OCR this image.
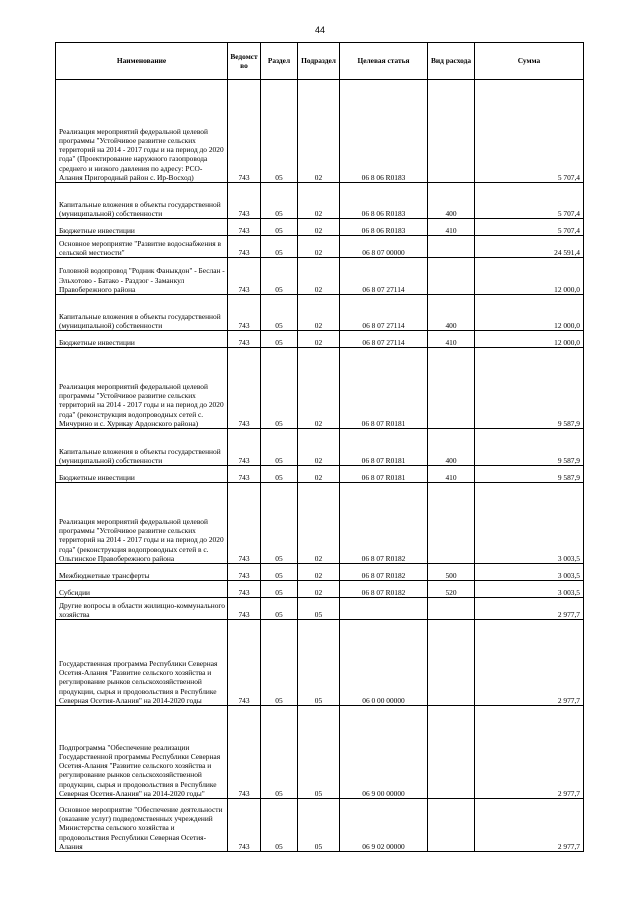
44
Наименование	Ведомст во	Раздел	Подраздел	Целевая статья	Вид расхода	Сумма
Реализация мероприятий федеральной целевой программы "Устойчивое развитие сельских территорий на 2014 - 2017 годы и на период до 2020 года" (Проектирование наружного газопровода среднего и низкого давления по адресу: РСО-Алания Пригородный район с. Ир-Восход)	743	05	02	06 8 06 R0183		5 707,4
Капитальные вложения в объекты государственной (муниципальной) собственности	743	05	02	06 8 06 R0183	400	5 707,4
Бюджетные инвестиции	743	05	02	06 8 06 R0183	410	5 707,4
Основное мероприятие "Развитие водоснабжения в сельской местности"	743	05	02	06 8 07 00000		24 591,4
Головной водопровод "Родник Фаныкдон" - Беслан - Эльхотово - Батако - Раздзог - Заманкул Правобережного района	743	05	02	06 8 07 27114		12 000,0
Капитальные вложения в объекты государственной (муниципальной) собственности	743	05	02	06 8 07 27114	400	12 000,0
Бюджетные инвестиции	743	05	02	06 8 07 27114	410	12 000,0
Реализация мероприятий федеральной целевой программы "Устойчивое развитие сельских территорий на 2014 - 2017 годы и на период до 2020 года" (реконструкция водопроводных сетей с. Мичурино и с. Хурикау Ардонского района)	743	05	02	06 8 07 R0181		9 587,9
Капитальные вложения в объекты государственной (муниципальной) собственности	743	05	02	06 8 07 R0181	400	9 587,9
Бюджетные инвестиции	743	05	02	06 8 07 R0181	410	9 587,9
Реализация мероприятий федеральной целевой программы "Устойчивое развитие сельских территорий на 2014 - 2017 годы и на период до 2020 года" (реконструкция водопроводных сетей в с. Ольгинское Правобережного района	743	05	02	06 8 07 R0182		3 003,5
Межбюджетные трансферты	743	05	02	06 8 07 R0182	500	3 003,5
Субсидии	743	05	02	06 8 07 R0182	520	3 003,5
Другие вопросы в области жилищно-коммунального хозяйства	743	05	05			2 977,7
Государственная программа Республики Северная Осетия-Алания "Развитие сельского хозяйства и регулирование рынков сельскохозяйственной продукции, сырья и продовольствия в Республике Северная Осетия-Алания" на 2014-2020 годы	743	05	05	06 0 00 00000		2 977,7
Подпрограмма "Обеспечение реализации Государственной программы Республики Северная Осетия-Алания "Развитие сельского хозяйства и регулирование рынков сельскохозяйственной продукции, сырья и продовольствия в Республике Северная Осетия-Алания" на 2014-2020 годы"	743	05	05	06 9 00 00000		2 977,7
Основное мероприятие "Обеспечение деятельности (оказание услуг) подведомственных учреждений Министерства сельского хозяйства и продовольствия Республики Северная Осетия-Алания	743	05	05	06 9 02 00000		2 977,7
